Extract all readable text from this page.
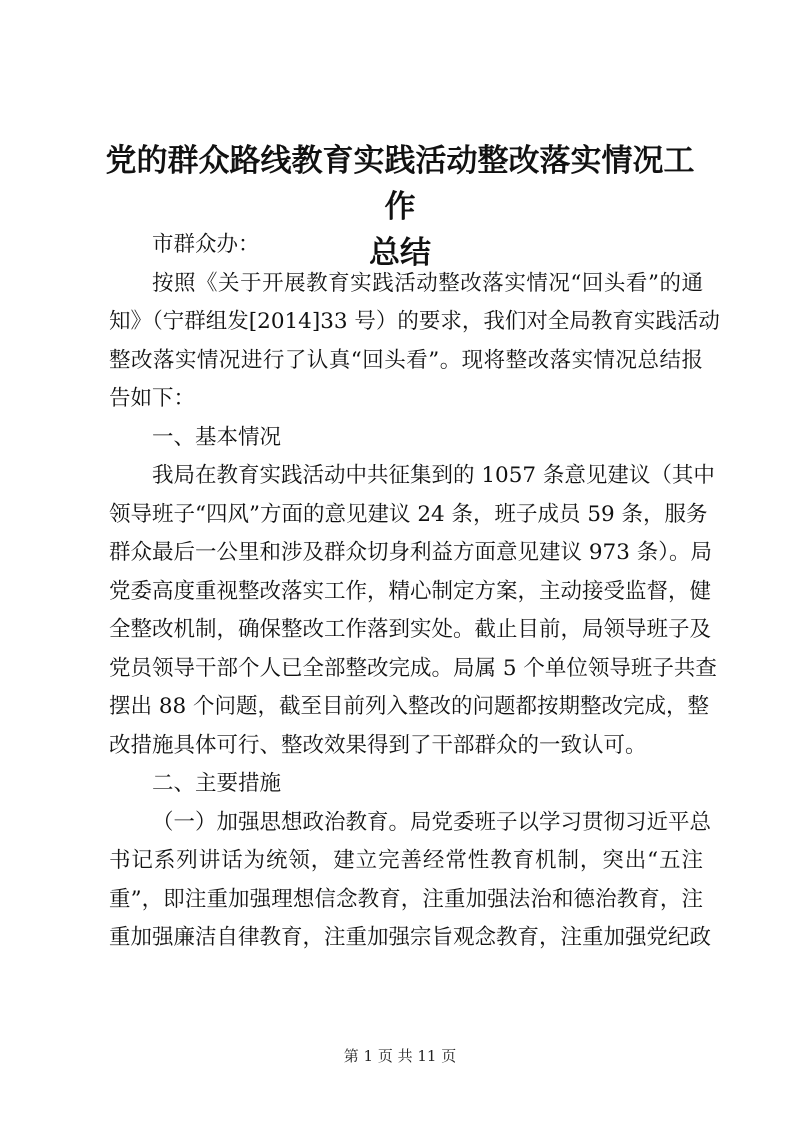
党的群众路线教育实践活动整改落实情况工作
总结
市群众办：
按照《关于开展教育实践活动整改落实情况“回头看”的通
知》（宁群组发[2014]33 号）的要求，我们对全局教育实践活动
整改落实情况进行了认真“回头看”。现将整改落实情况总结报
告如下：
一、基本情况
我局在教育实践活动中共征集到的 1057 条意见建议（其中
领导班子“四风”方面的意见建议 24 条，班子成员 59 条，服务
群众最后一公里和涉及群众切身利益方面意见建议 973 条）。局
党委高度重视整改落实工作，精心制定方案，主动接受监督，健
全整改机制，确保整改工作落到实处。截止目前，局领导班子及
党员领导干部个人已全部整改完成。局属 5 个单位领导班子共查
摆出 88 个问题，截至目前列入整改的问题都按期整改完成，整
改措施具体可行、整改效果得到了干部群众的一致认可。
二、主要措施
（一）加强思想政治教育。局党委班子以学习贯彻习近平总
书记系列讲话为统领，建立完善经常性教育机制，突出“五注
重”，即注重加强理想信念教育，注重加强法治和德治教育，注
重加强廉洁自律教育，注重加强宗旨观念教育，注重加强党纪政
第 1 页 共 11 页
